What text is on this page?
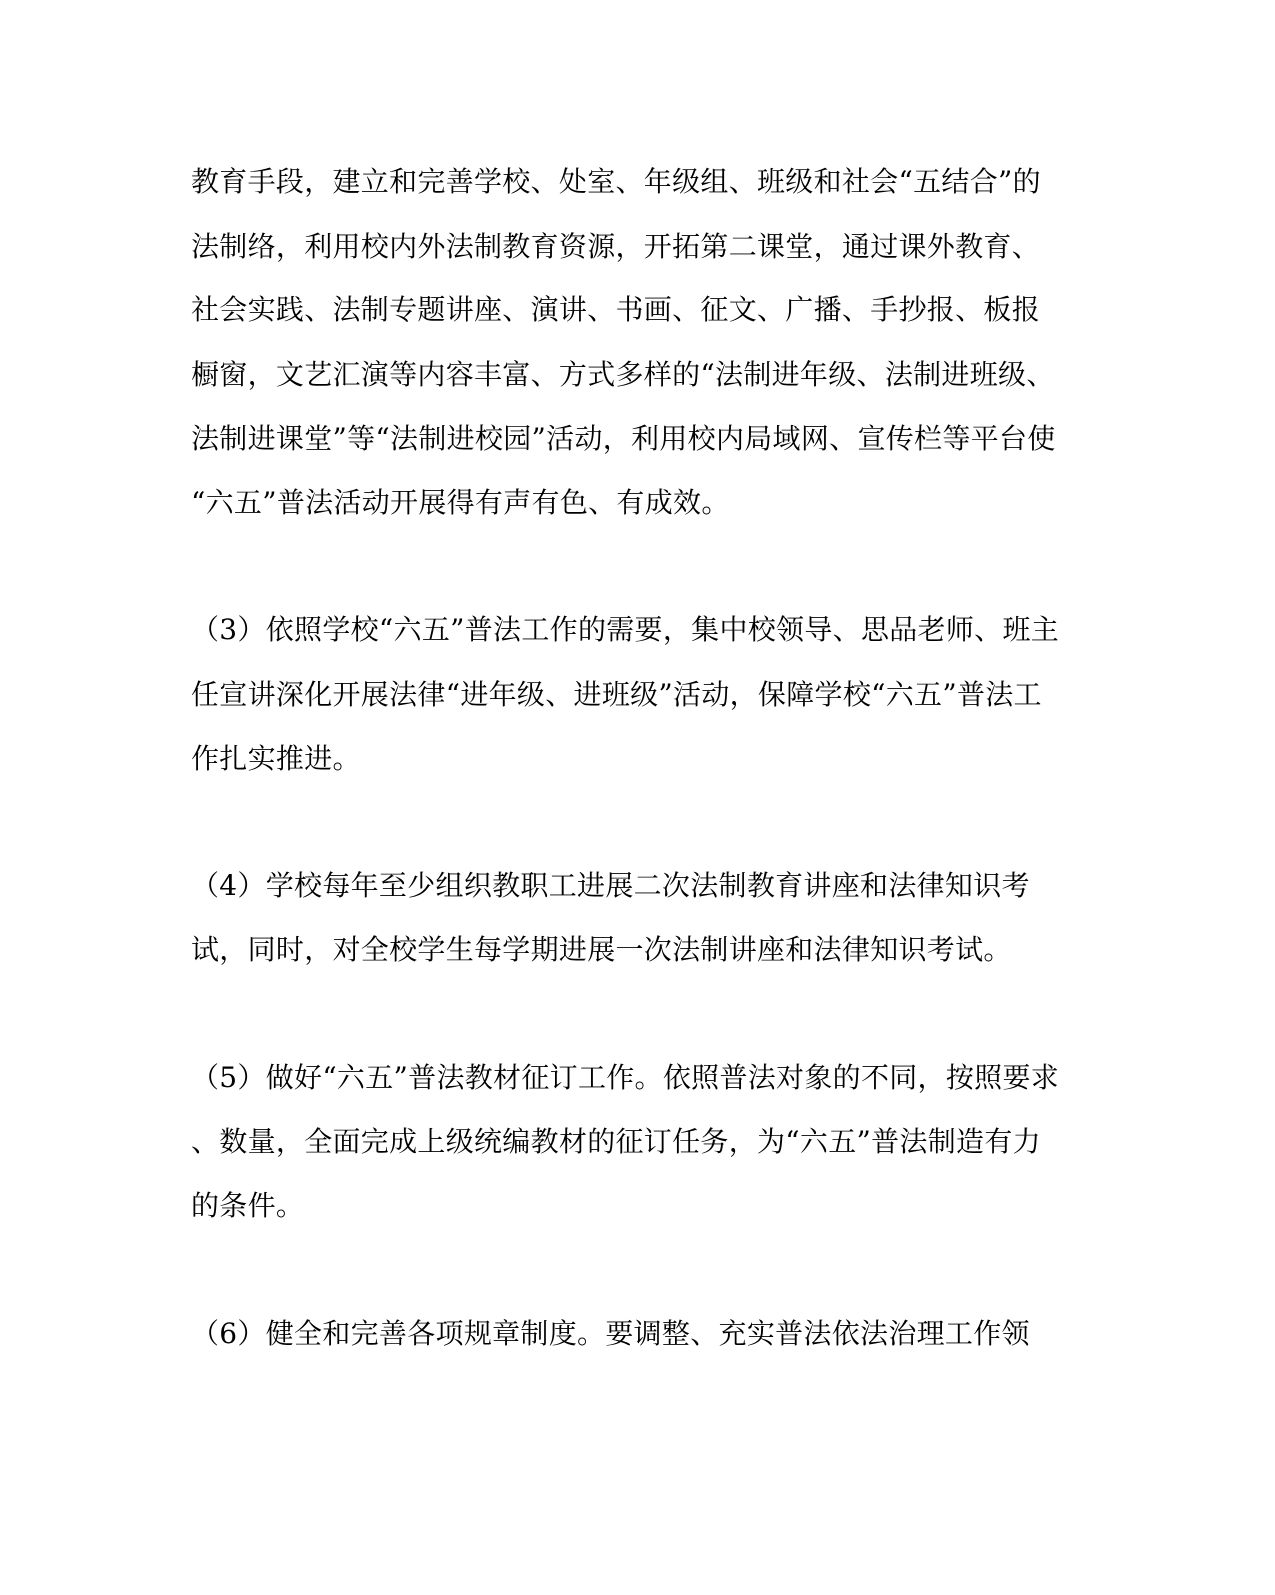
教育手段，建立和完善学校、处室、年级组、班级和社会“五结合”的
法制络，利用校内外法制教育资源，开拓第二课堂，通过课外教育、
社会实践、法制专题讲座、演讲、书画、征文、广播、手抄报、板报
橱窗，文艺汇演等内容丰富、方式多样的“法制进年级、法制进班级、
法制进课堂”等“法制进校园”活动，利用校内局域网、宣传栏等平台使
“六五”普法活动开展得有声有色、有成效。
（3）依照学校“六五”普法工作的需要，集中校领导、思品老师、班主
任宣讲深化开展法律“进年级、进班级”活动，保障学校“六五”普法工
作扎实推进。
（4）学校每年至少组织教职工进展二次法制教育讲座和法律知识考
试，同时，对全校学生每学期进展一次法制讲座和法律知识考试。
（5）做好“六五”普法教材征订工作。依照普法对象的不同，按照要求
、数量，全面完成上级统编教材的征订任务，为“六五”普法制造有力
的条件。
（6）健全和完善各项规章制度。要调整、充实普法依法治理工作领
